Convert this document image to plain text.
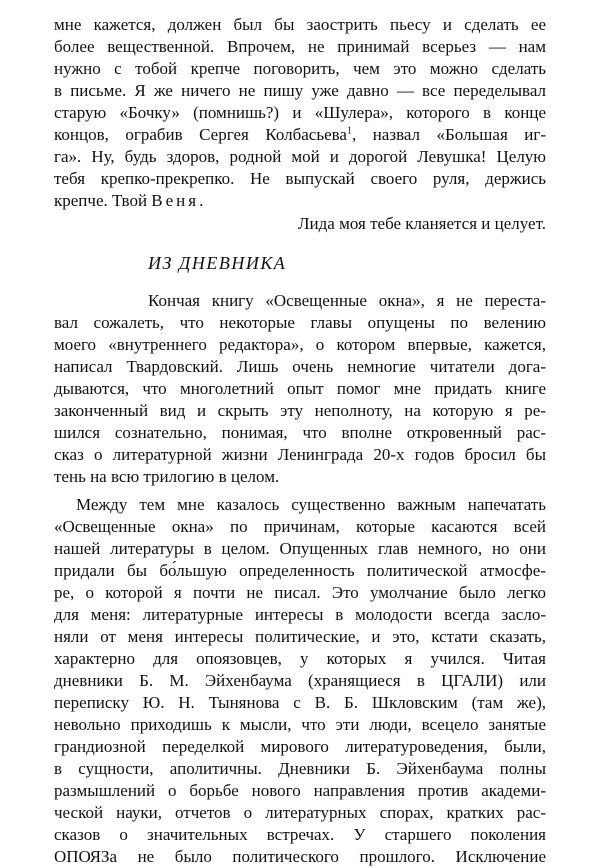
мне кажется, должен был бы заострить пьесу и сделать ее
более вещественной. Впрочем, не принимай всерьез — нам
нужно с тобой крепче поговорить, чем это можно сделать
в письме. Я же ничего не пишу уже давно — все переделывал
старую «Бочку» (помнишь?) и «Шулера», которого в конце
концов, ограбив Сергея Колбасьева$^1$, назвал «Большая иг-
га». Ну, будь здоров, родной мой и дорогой Левушка! Целую
тебя крепко-прекрепко. Не выпускай своего руля, держись
крепче. Твой Веня.
Лида моя тебе кланяется и целует.
ИЗ ДНЕВНИКА
Кончая книгу «Освещенные окна», я не переста-
вал сожалеть, что некоторые главы опущены по велению
моего «внутреннего редактора», о котором впервые, кажется,
написал Твардовский. Лишь очень немногие читатели дога-
дываются, что многолетний опыт помог мне придать книге
законченный вид и скрыть эту неполноту, на которую я ре-
шился сознательно, понимая, что вполне откровенный рас-
сказ о литературной жизни Ленинграда 20-х годов бросил бы
тень на всю трилогию в целом.
Между тем мне казалось существенно важным напечатать
«Освещенные окна» по причинам, которые касаются всей
нашей литературы в целом. Опущенных глав немного, но они
придали бы бо́льшую определенность политической атмосфе-
ре, о которой я почти не писал. Это умолчание было легко
для меня: литературные интересы в молодости всегда засло-
няли от меня интересы политические, и это, кстати сказать,
характерно для опоязовцев, у которых я учился. Читая
дневники Б. М. Эйхенбаума (хранящиеся в ЦГАЛИ) или
переписку Ю. Н. Тынянова с В. Б. Шкловским (там же),
невольно приходишь к мысли, что эти люди, всецело занятые
грандиозной переделкой мирового литературоведения, были,
в сущности, аполитичны. Дневники Б. Эйхенбаума полны
размышлений о борьбе нового направления против академи-
ческой науки, отчетов о литературных спорах, кратких рас-
сказов о значительных встречах. У старшего поколения
ОПОЯЗа не было политического прошлого. Исключение
